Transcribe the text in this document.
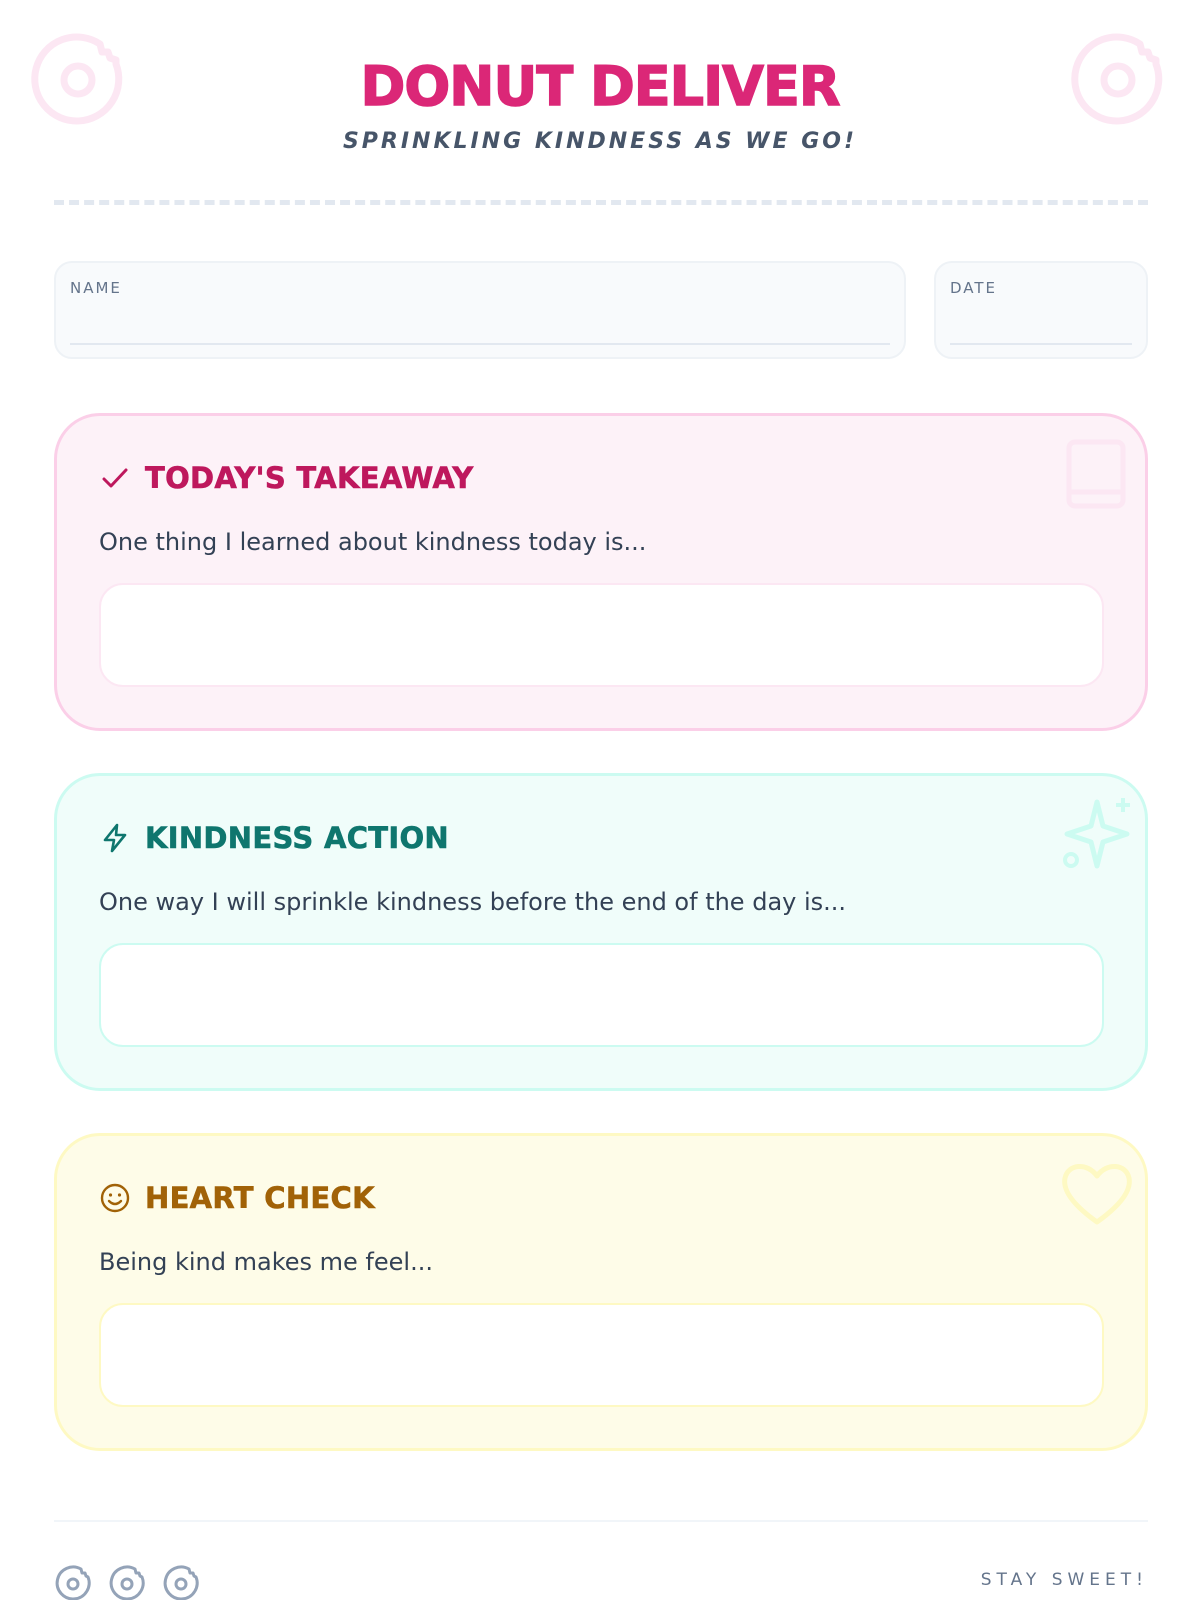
DONUT DELIVER
SPRINKLING KINDNESS AS WE GO!
NAME	DATE
TODAY'S TAKEAWAY
One thing I learned about kindness today is...
KINDNESS ACTION
One way I will sprinkle kindness before the end of the day is...
HEART CHECK
Being kind makes me feel...
STAY SWEET!
